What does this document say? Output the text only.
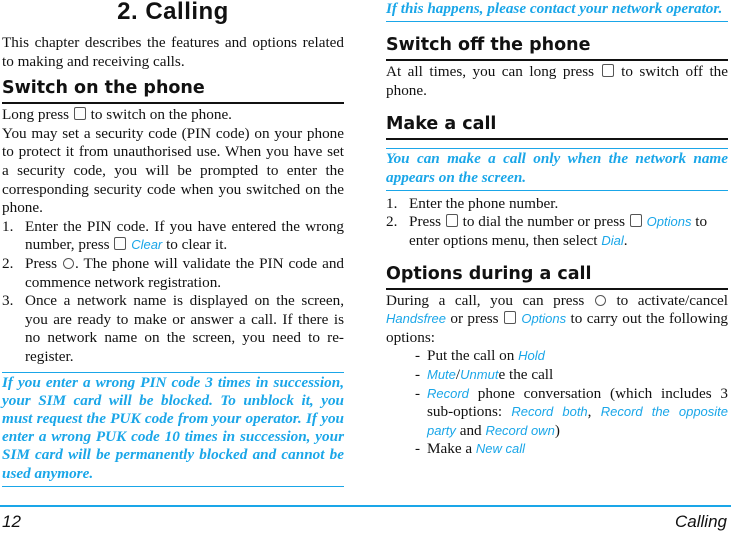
2. Calling
This chapter describes the features and options related to making and receiving calls.
Switch on the phone
Long press to switch on the phone.
You may set a security code (PIN code) on your phone to protect it from unauthorised use. When you have set a security code, you will be prompted to enter the corresponding security code when you switched on the phone.
1. Enter the PIN code. If you have entered the wrong number, press Clear to clear it.
2. Press . The phone will validate the PIN code and commence network registration.
3. Once a network name is displayed on the screen, you are ready to make or answer a call. If there is no network name on the screen, you need to re-register.
If you enter a wrong PIN code 3 times in succession, your SIM card will be blocked. To unblock it, you must request the PUK code from your operator. If you enter a wrong PUK code 10 times in succession, your SIM card will be permanently blocked and cannot be used anymore.
If this happens, please contact your network operator.
Switch off the phone
At all times, you can long press to switch off the phone.
Make a call
You can make a call only when the network name appears on the screen.
1. Enter the phone number.
2. Press to dial the number or press Options to enter options menu, then select Dial.
Options during a call
During a call, you can press to activate/cancel Handsfree or press Options to carry out the following options:
- Put the call on Hold
- Mute/Unmute the call
- Record phone conversation (which includes 3 sub-options: Record both, Record the opposite party and Record own)
- Make a New call
12	Calling
